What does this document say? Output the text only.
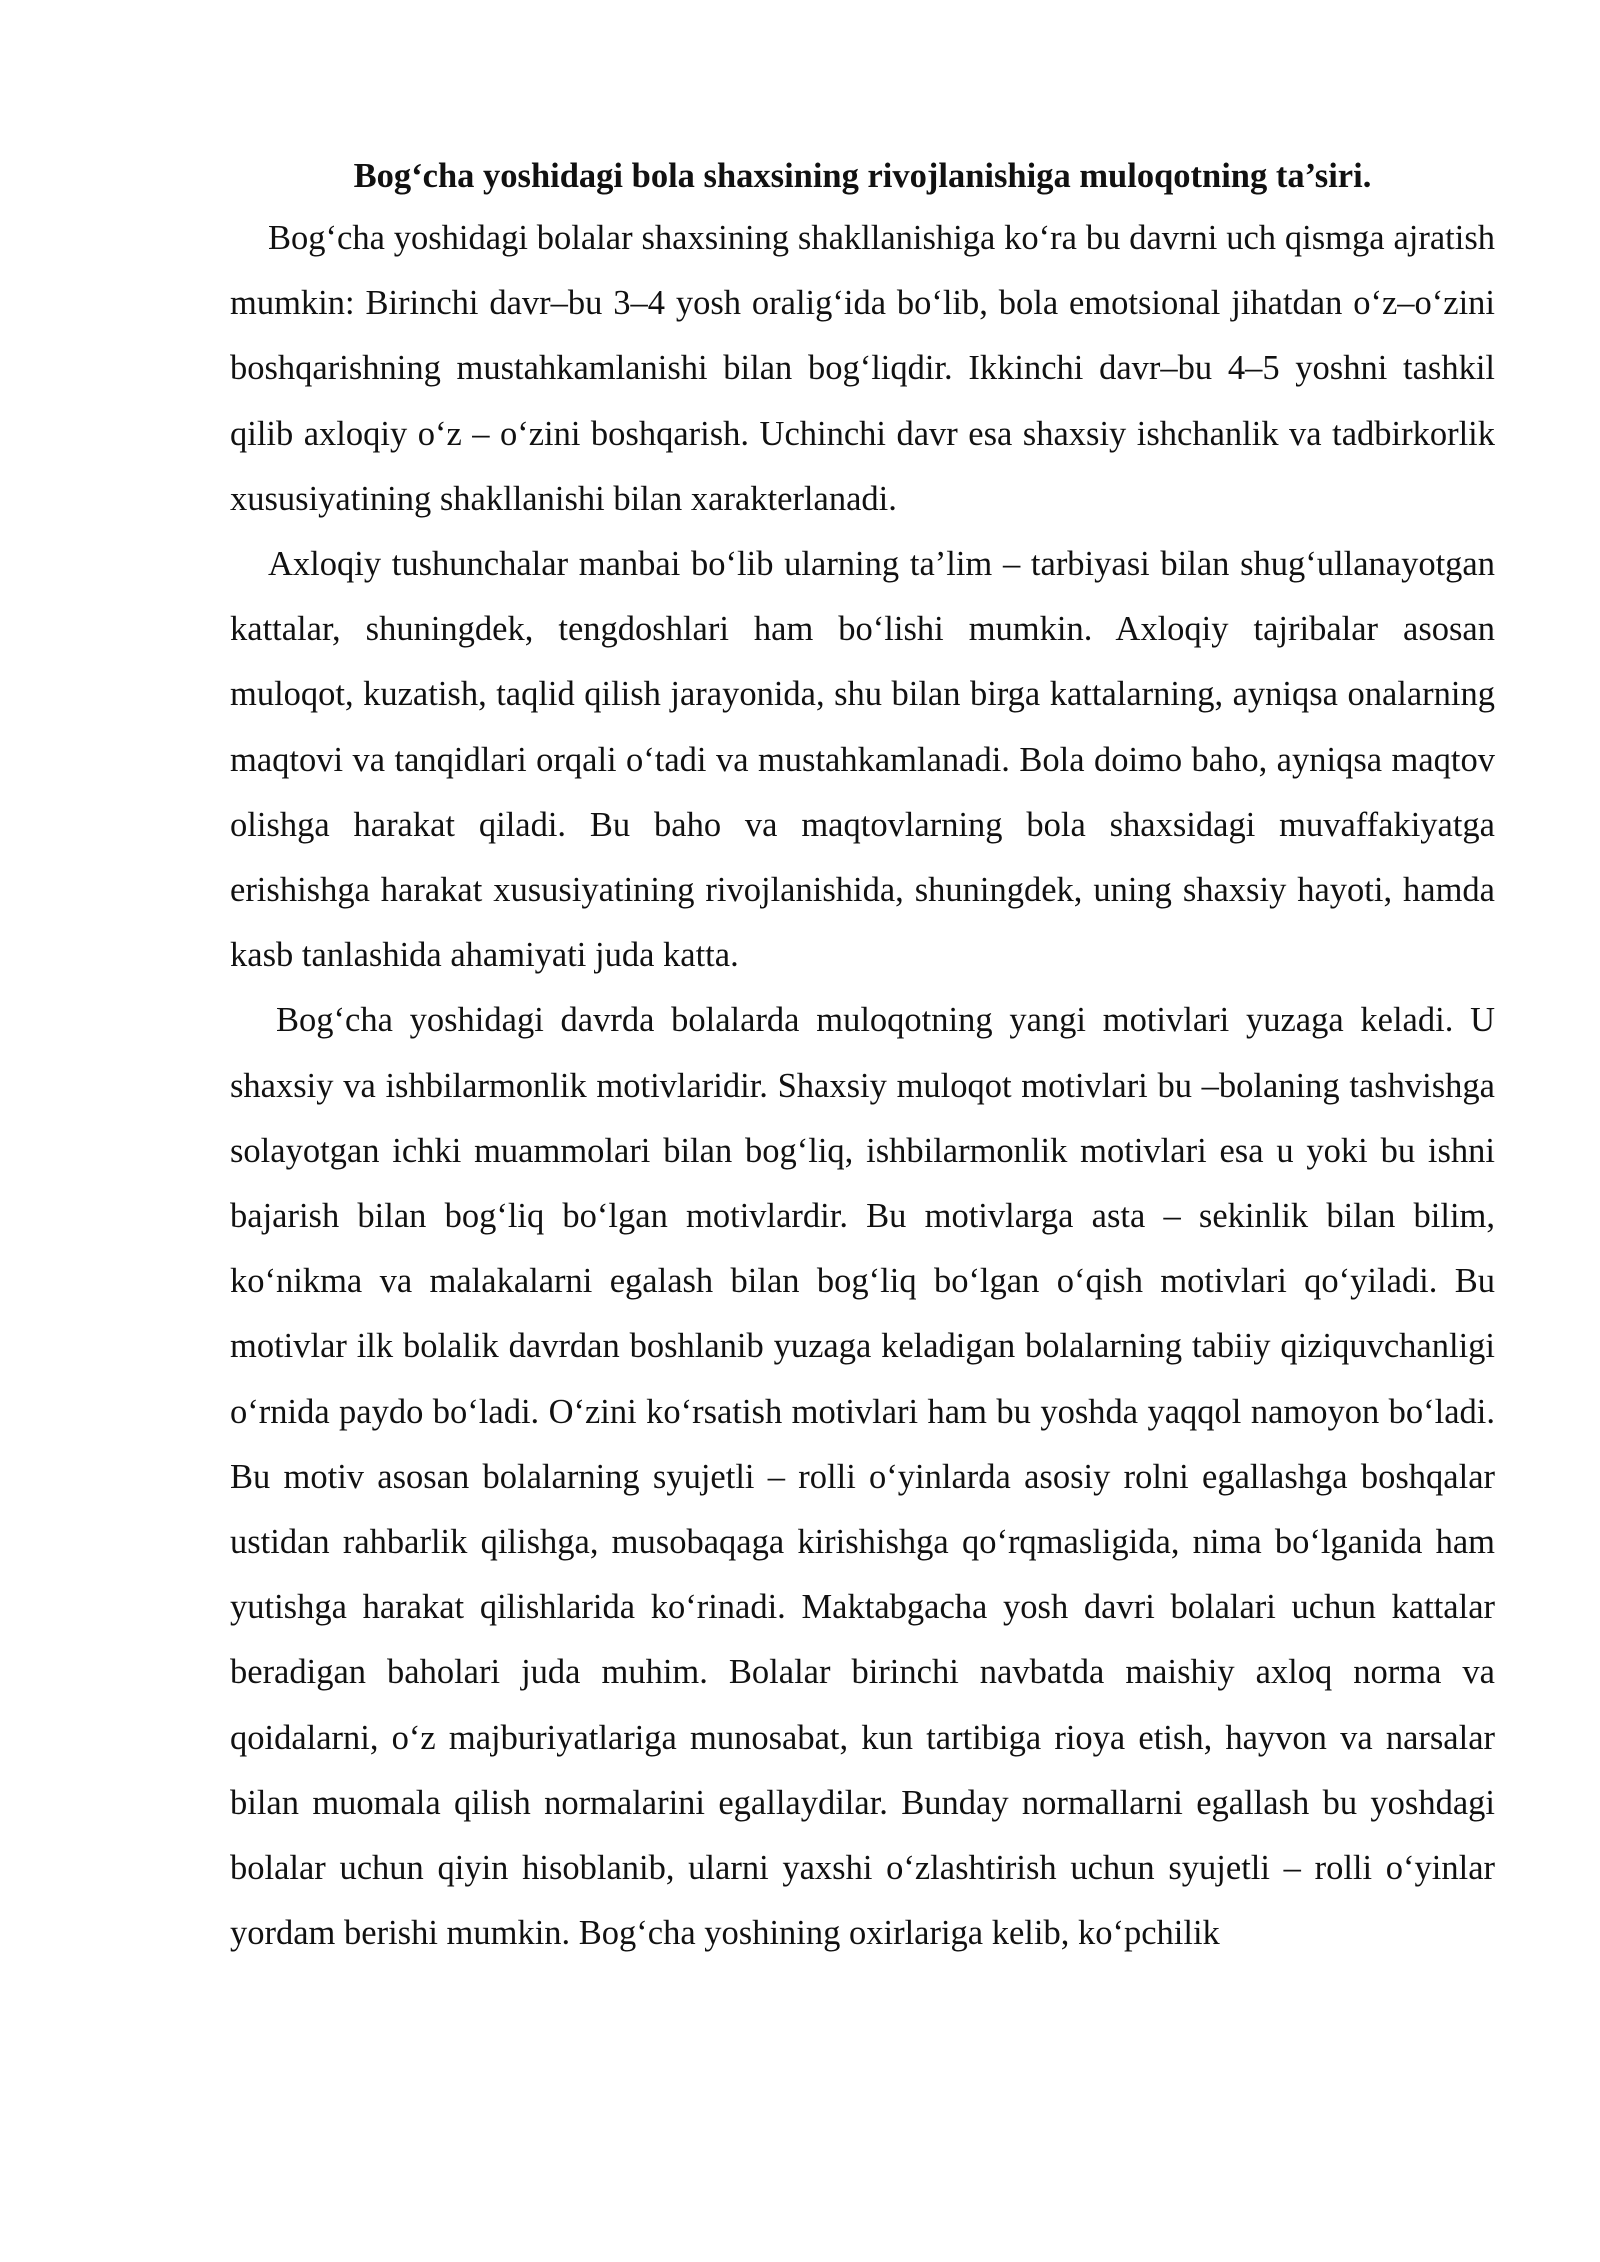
Bog‘cha yoshidagi bola shaxsining rivojlanishiga muloqotning ta’siri.

Bog‘cha yoshidagi bolalar shaxsining shakllanishiga ko‘ra bu davrni uch qismga ajratish mumkin: Birinchi davr–bu 3–4 yosh oralig‘ida bo‘lib, bola emotsional jihatdan o‘z–o‘zini boshqarishning mustahkamlanishi bilan bog‘liqdir. Ikkinchi davr–bu 4–5 yoshni tashkil qilib axloqiy o‘z – o‘zini boshqarish. Uchinchi davr esa shaxsiy ishchanlik va tadbirkorlik xususiyatining shakllanishi bilan xarakterlanadi.

Axloqiy tushunchalar manbai bo‘lib ularning ta’lim – tarbiyasi bilan shug‘ullanayotgan kattalar, shuningdek, tengdoshlari ham bo‘lishi mumkin. Axloqiy tajribalar asosan muloqot, kuzatish, taqlid qilish jarayonida, shu bilan birga kattalarning, ayniqsa onalarning maqtovi va tanqidlari orqali o‘tadi va mustahkamlanadi. Bola doimo baho, ayniqsa maqtov olishga harakat qiladi. Bu baho va maqtovlarning bola shaxsidagi muvaffakiyatga erishishga harakat xususiyatining rivojlanishida, shuningdek, uning shaxsiy hayoti, hamda kasb tanlashida ahamiyati juda katta.

Bog‘cha yoshidagi davrda bolalarda muloqotning yangi motivlari yuzaga keladi. U shaxsiy va ishbilarmonlik motivlaridir. Shaxsiy muloqot motivlari bu –bolaning tashvishga solayotgan ichki muammolari bilan bog‘liq, ishbilarmonlik motivlari esa u yoki bu ishni bajarish bilan bog‘liq bo‘lgan motivlardir. Bu motivlarga asta – sekinlik bilan bilim, ko‘nikma va malakalarni egalash bilan bog‘liq bo‘lgan o‘qish motivlari qo‘yiladi. Bu motivlar ilk bolalik davrdan boshlanib yuzaga keladigan bolalarning tabiiy qiziquvchanligi o‘rnida paydo bo‘ladi. O‘zini ko‘rsatish motivlari ham bu yoshda yaqqol namoyon bo‘ladi. Bu motiv asosan bolalarning syujetli – rolli o‘yinlarda asosiy rolni egallashga boshqalar ustidan rahbarlik qilishga, musobaqaga kirishishga qo‘rqmasligida, nima bo‘lganida ham yutishga harakat qilishlarida ko‘rinadi. Maktabgacha yosh davri bolalari uchun kattalar beradigan baholari juda muhim. Bolalar birinchi navbatda maishiy axloq norma va qoidalarni, o‘z majburiyatlariga munosabat, kun tartibiga rioya etish, hayvon va narsalar bilan muomala qilish normalarini egallaydilar. Bunday normallarni egallash bu yoshdagi bolalar uchun qiyin hisoblanib, ularni yaxshi o‘zlashtirish uchun syujetli – rolli o‘yinlar yordam berishi mumkin. Bog‘cha yoshining oxirlariga kelib, ko‘pchilik
